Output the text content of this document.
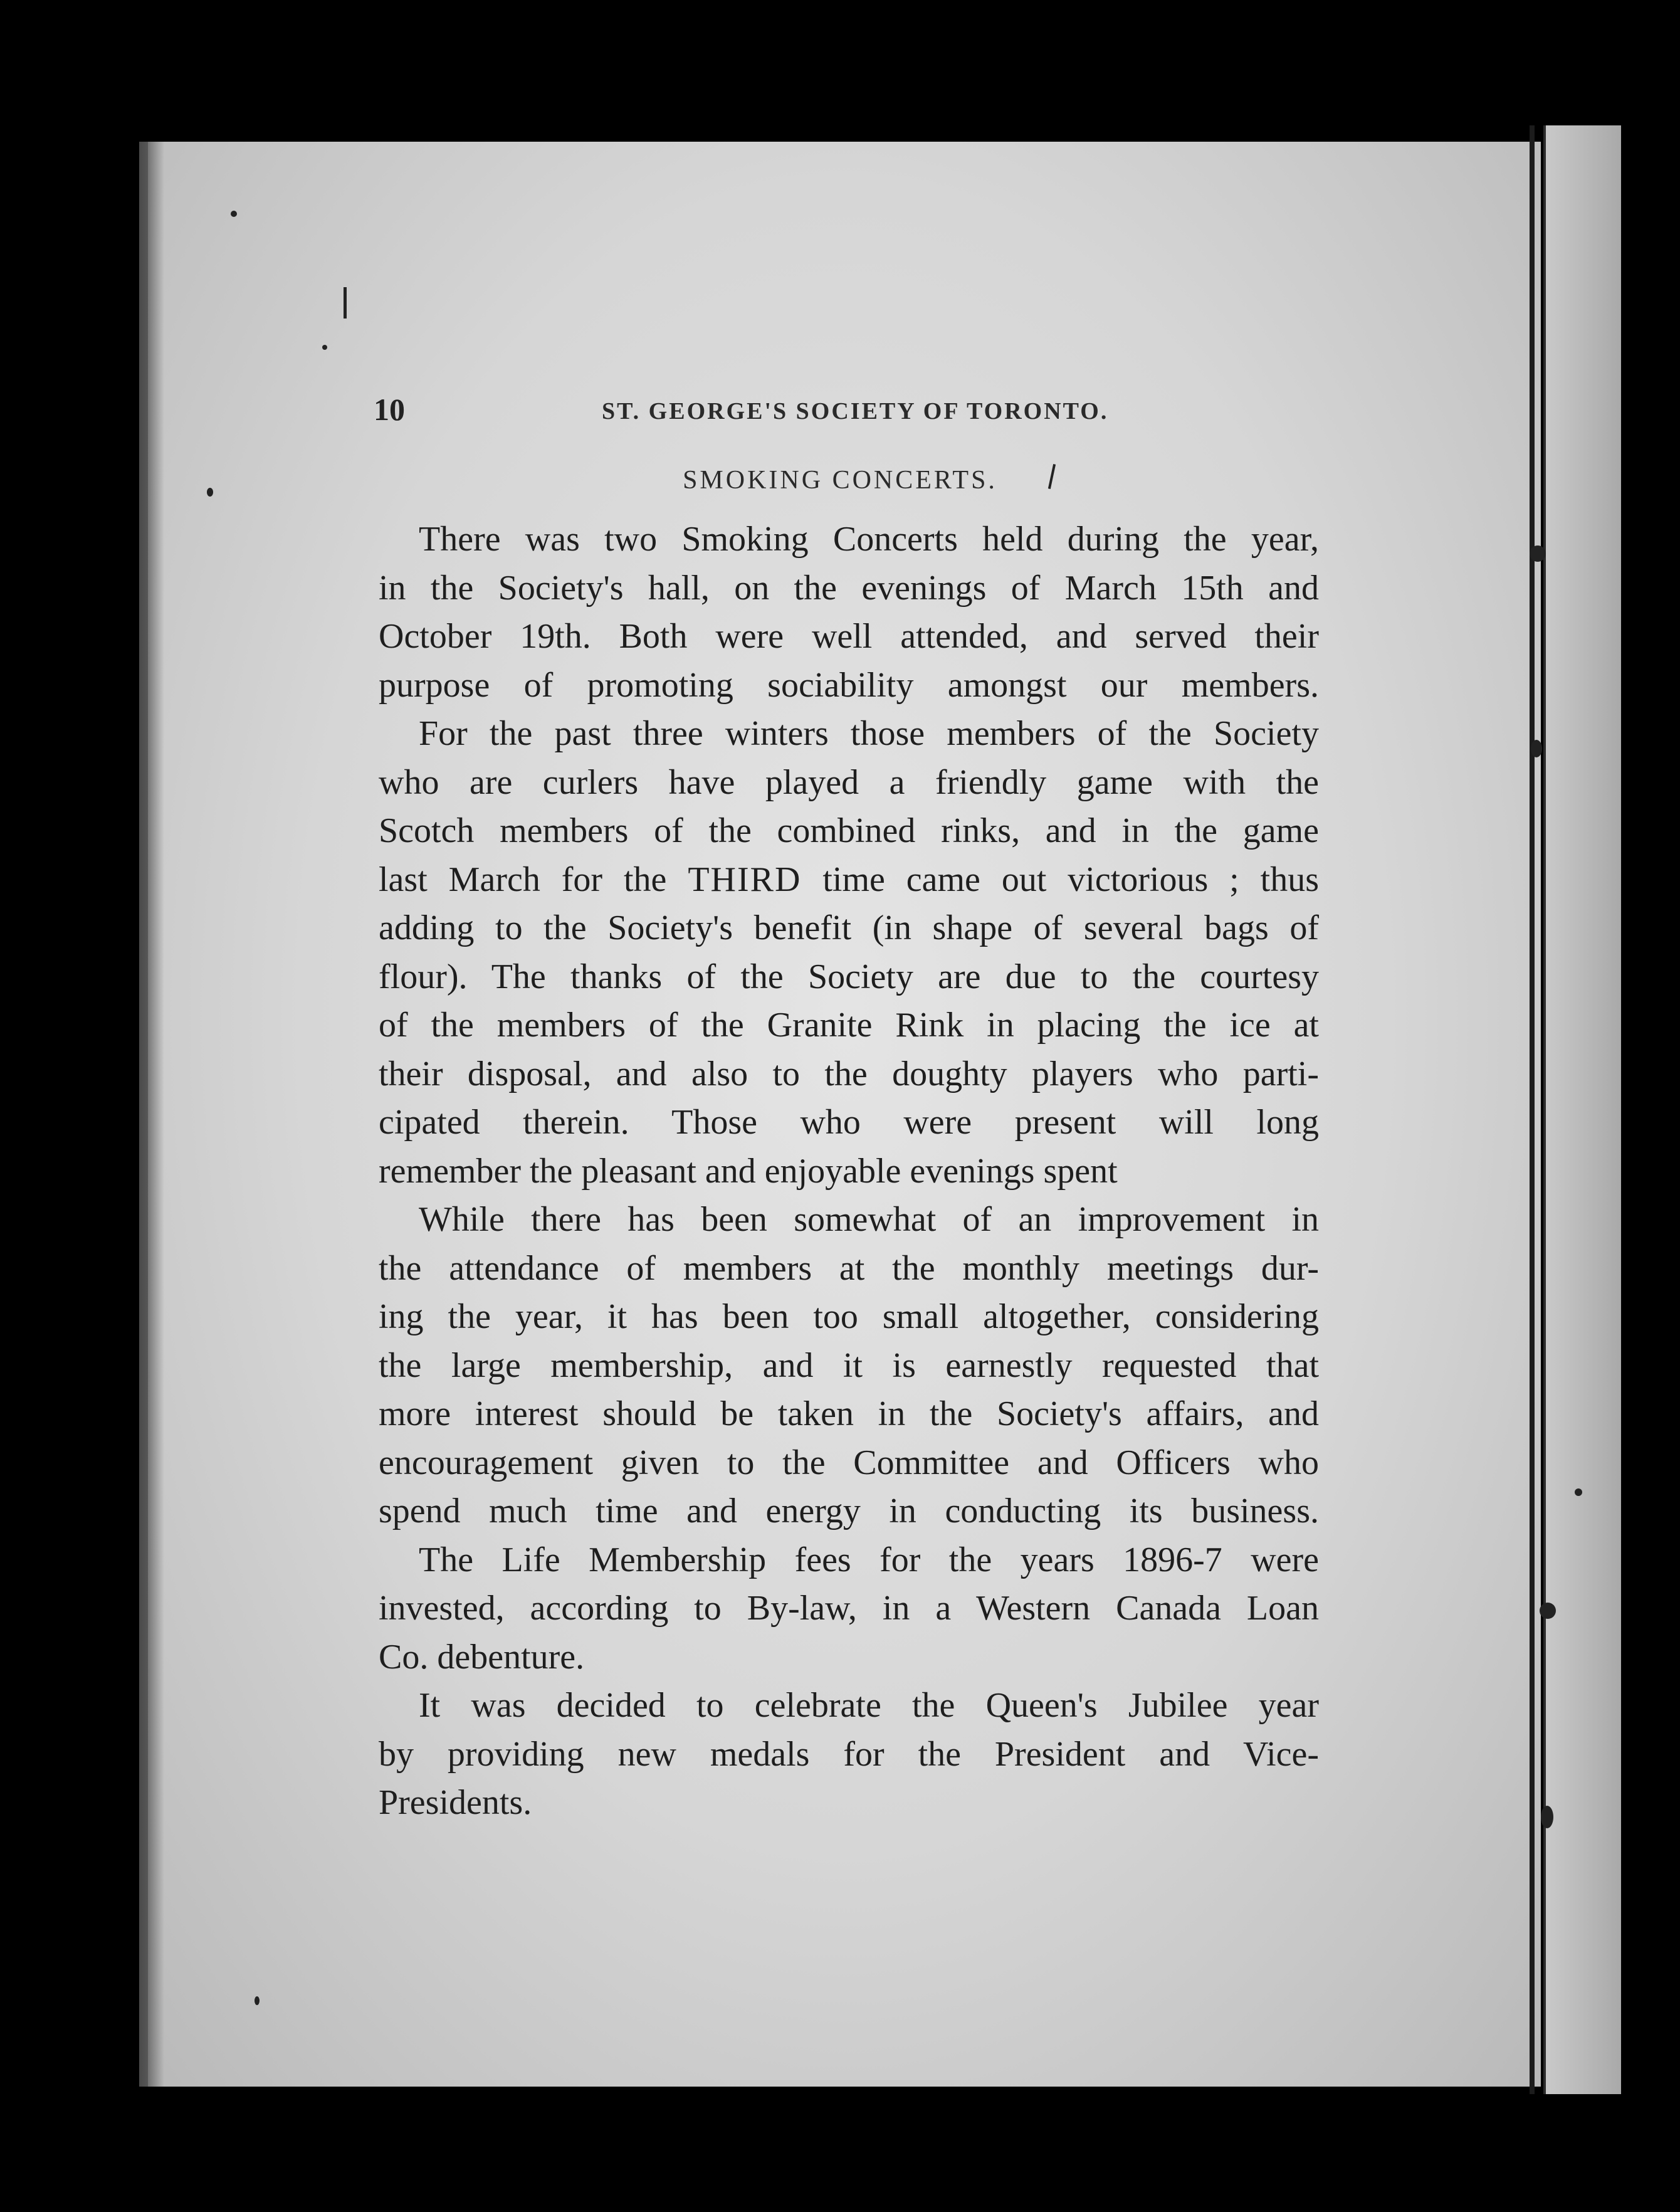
10	ST. GEORGE'S SOCIETY OF TORONTO.
SMOKING CONCERTS.
There was two Smoking Concerts held during the year,
in the Society's hall, on the evenings of March 15th and
October 19th. Both were well attended, and served their
purpose of promoting sociability amongst our members.
For the past three winters those members of the Society
who are curlers have played a friendly game with the
Scotch members of the combined rinks, and in the game
last March for the THIRD time came out victorious ; thus
adding to the Society's benefit (in shape of several bags of
flour). The thanks of the Society are due to the courtesy
of the members of the Granite Rink in placing the ice at
their disposal, and also to the doughty players who parti-
cipated therein. Those who were present will long
remember the pleasant and enjoyable evenings spent
While there has been somewhat of an improvement in
the attendance of members at the monthly meetings dur-
ing the year, it has been too small altogether, considering
the large membership, and it is earnestly requested that
more interest should be taken in the Society's affairs, and
encouragement given to the Committee and Officers who
spend much time and energy in conducting its business.
The Life Membership fees for the years 1896-7 were
invested, according to By-law, in a Western Canada Loan
Co. debenture.
It was decided to celebrate the Queen's Jubilee year
by providing new medals for the President and Vice-
Presidents.
